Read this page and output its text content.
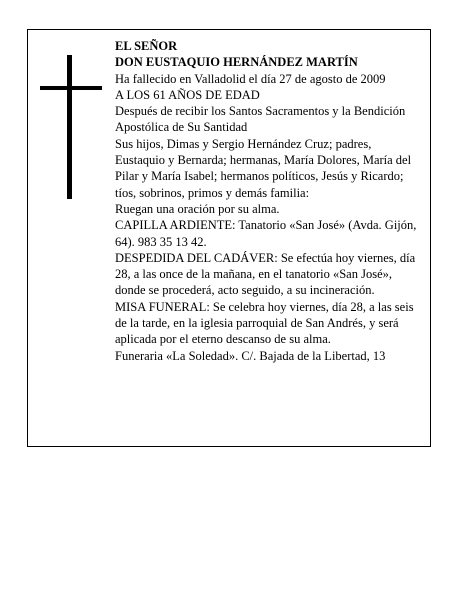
EL SEÑOR

DON EUSTAQUIO HERNÁNDEZ MARTÍN

Ha fallecido en Valladolid el día 27 de agosto de 2009

A LOS 61 AÑOS DE EDAD

Después de recibir los Santos Sacramentos y la Bendición Apostólica de Su Santidad

Sus hijos, Dimas y Sergio Hernández Cruz; padres, Eustaquio y Bernarda; hermanas, María Dolores, María del Pilar y María Isabel; hermanos políticos, Jesús y Ricardo; tíos, sobrinos, primos y demás familia:

Ruegan una oración por su alma.

CAPILLA ARDIENTE: Tanatorio «San José» (Avda. Gijón, 64). 983 35 13 42.

DESPEDIDA DEL CADÁVER: Se efectúa hoy viernes, día 28, a las once de la mañana, en el tanatorio «San José», donde se procederá, acto seguido, a su incineración.

MISA FUNERAL: Se celebra hoy viernes, día 28, a las seis de la tarde, en la iglesia parroquial de San Andrés, y será aplicada por el eterno descanso de su alma.

Funeraria «La Soledad». C/. Bajada de la Libertad, 13
